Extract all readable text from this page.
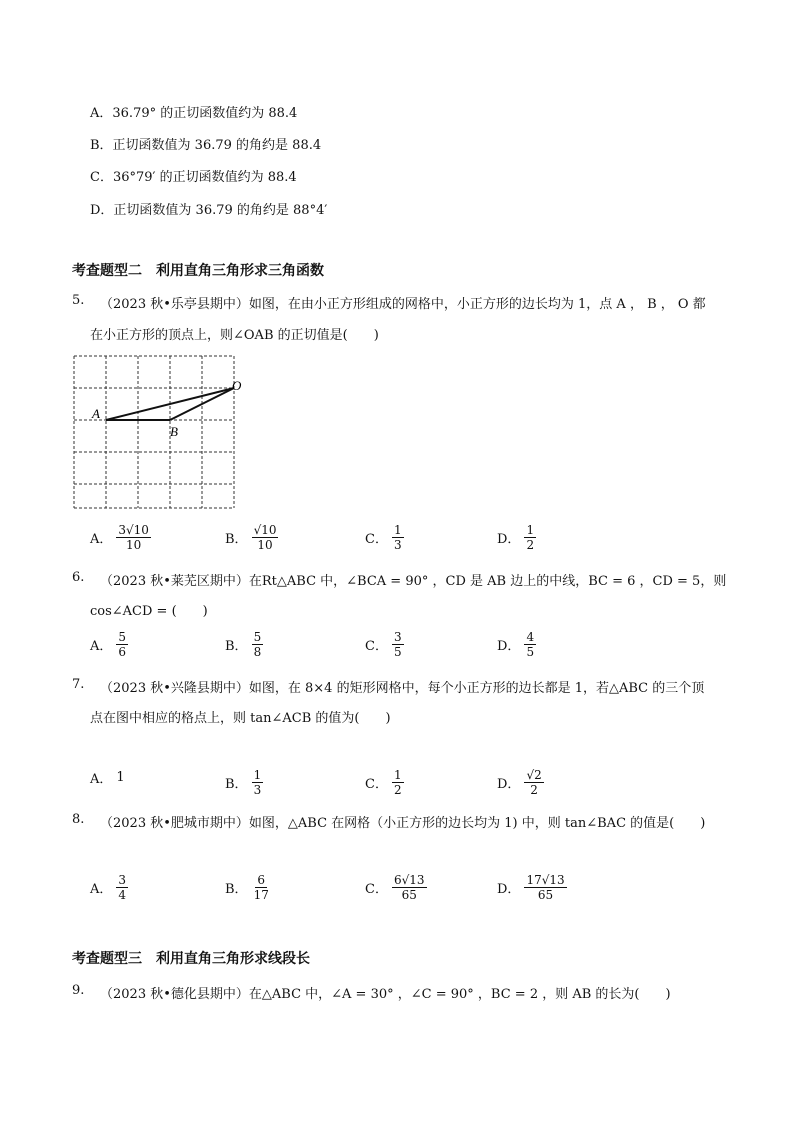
A．36.79° 的正切函数值约为 88.4
B．正切函数值为 36.79 的角约是 88.4
C．36°79′ 的正切函数值约为 88.4
D．正切函数值为 36.79 的角约是 88°4′
考查题型二　利用直角三角形求三角函数
5. （2023 秋•乐亭县期中）如图，在由小正方形组成的网格中，小正方形的边长均为 1，点 A ， B ， O 都
在小正方形的顶点上，则∠OAB 的正切值是(　　)
A
B
O
A． $\frac{3√10}{10}$	B． $\frac{√10}{10}$	C． $\frac{1}{3}$	D． $\frac{1}{2}$
6. （2023 秋•莱芜区期中）在Rt△ABC 中，∠BCA = 90° ，CD 是 AB 边上的中线，BC = 6 ，CD = 5，则
cos∠ACD = (　　)
A． $\frac{5}{6}$	B． $\frac{5}{8}$	C． $\frac{3}{5}$	D． $\frac{4}{5}$
7. （2023 秋•兴隆县期中）如图，在 8×4 的矩形网格中，每个小正方形的边长都是 1，若△ABC 的三个顶
点在图中相应的格点上，则 tan∠ACB 的值为(　　)
A． 1	B． $\frac{1}{3}$	C． $\frac{1}{2}$	D． $\frac{√2}{2}$
8. （2023 秋•肥城市期中）如图，△ABC 在网格（小正方形的边长均为 1) 中，则 tan∠BAC 的值是(　　)
A． $\frac{3}{4}$	B． $\frac{6}{17}$	C． $\frac{6√13}{65}$	D． $\frac{17√13}{65}$
考查题型三　利用直角三角形求线段长
9. （2023 秋•德化县期中）在△ABC 中，∠A = 30° ，∠C = 90° ，BC = 2 ，则 AB 的长为(　　)
